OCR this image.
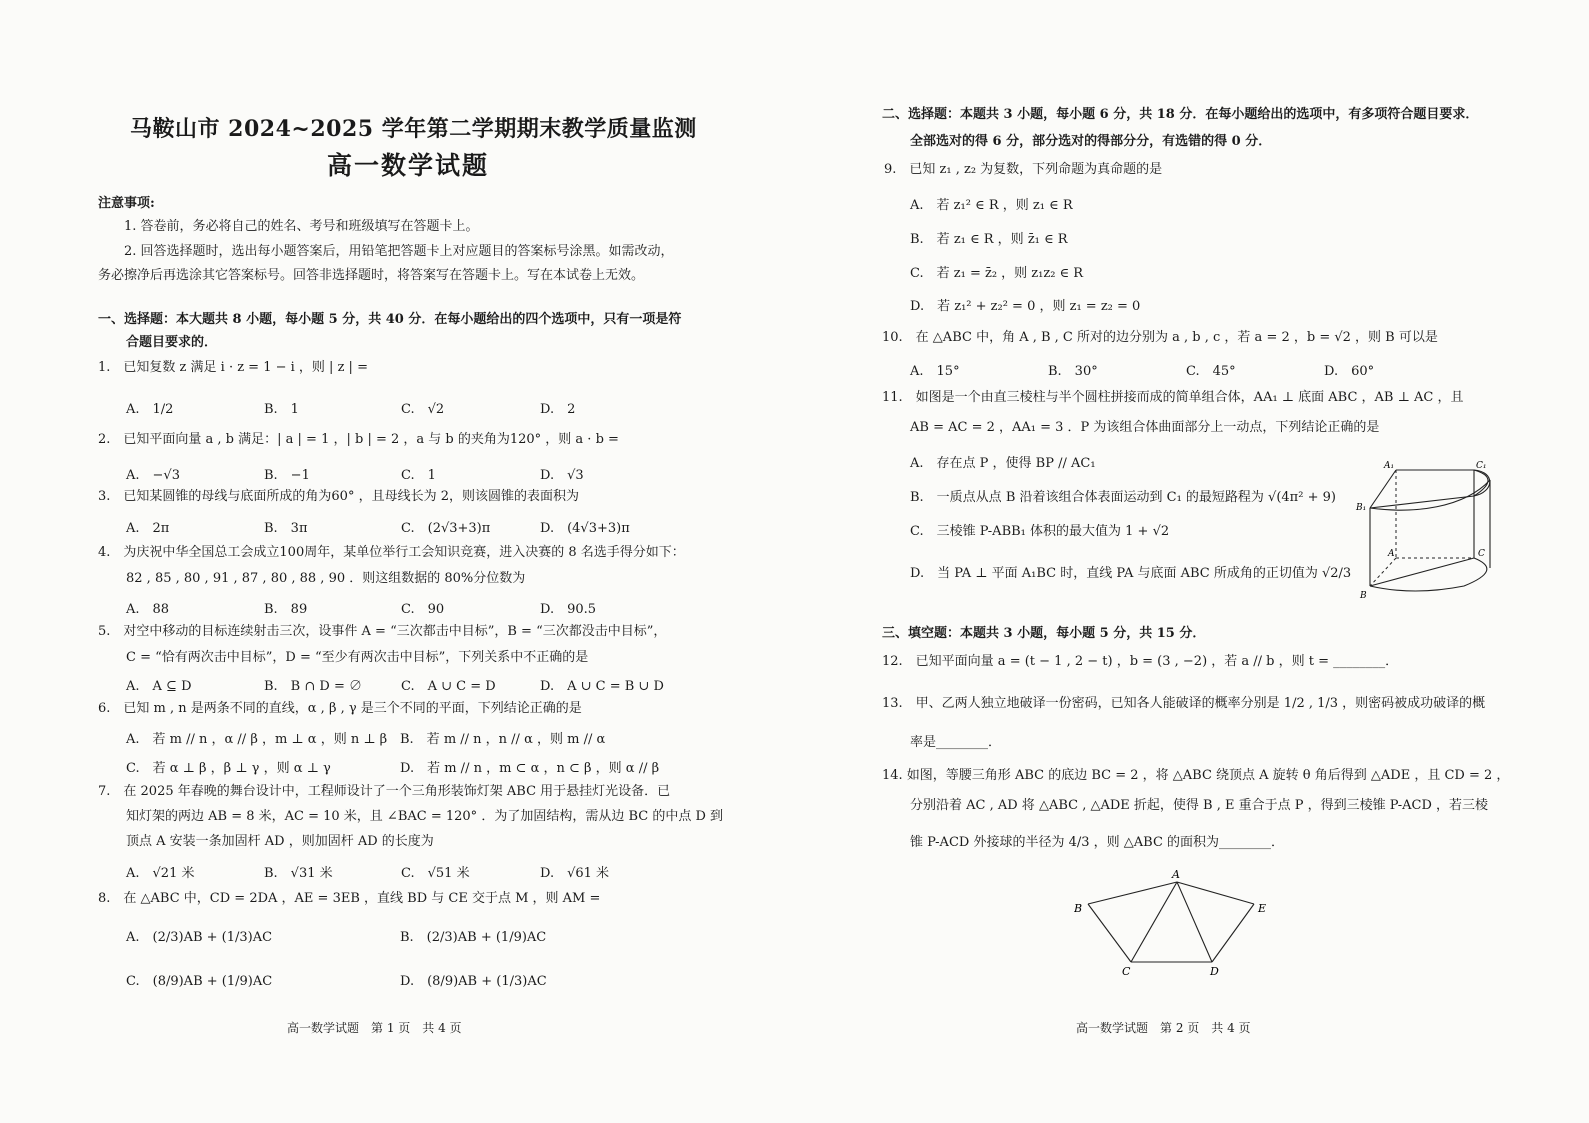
马鞍山市 2024~2025 学年第二学期期末教学质量监测
高一数学试题
注意事项:
1. 答卷前，务必将自己的姓名、考号和班级填写在答题卡上。
2. 回答选择题时，选出每小题答案后，用铅笔把答题卡上对应题目的答案标号涂黑。如需改动，
务必擦净后再选涂其它答案标号。回答非选择题时，将答案写在答题卡上。写在本试卷上无效。
一、选择题：本大题共 8 小题，每小题 5 分，共 40 分．在每小题给出的四个选项中，只有一项是符
合题目要求的．
1.　已知复数 z 满足 i · z = 1 − i ，则 | z | =
A.　1/2	B.　1	C.　√2	D.　2
2.　已知平面向量 a , b 满足：| a | = 1 ，| b | = 2 ，a 与 b 的夹角为120° ，则 a · b =
A.　−√3	B.　−1	C.　1	D.　√3
3.　已知某圆锥的母线与底面所成的角为60° ，且母线长为 2，则该圆锥的表面积为
A.　2π	B.　3π	C.　(2√3+3)π	D.　(4√3+3)π
4.　为庆祝中华全国总工会成立100周年，某单位举行工会知识竞赛，进入决赛的 8 名选手得分如下：
82 , 85 , 80 , 91 , 87 , 80 , 88 , 90 ．则这组数据的 80%分位数为
A.　88	B.　89	C.　90	D.　90.5
5.　对空中移动的目标连续射击三次，设事件 A = “三次都击中目标”，B = “三次都没击中目标”，
C = “恰有两次击中目标”，D = “至少有两次击中目标”，下列关系中不正确的是
A.　A ⊆ D	B.　B ∩ D = ∅	C.　A ∪ C = D	D.　A ∪ C = B ∪ D
6.　已知 m , n 是两条不同的直线，α , β , γ 是三个不同的平面，下列结论正确的是
A.　若 m // n ，α // β ，m ⊥ α ，则 n ⊥ β B.　若 m // n ，n // α ，则 m // α
C.　若 α ⊥ β ，β ⊥ γ ，则 α ⊥ γ	D.　若 m // n ，m ⊂ α ，n ⊂ β ，则 α // β
7.　在 2025 年春晚的舞台设计中，工程师设计了一个三角形装饰灯架 ABC 用于悬挂灯光设备．已
知灯架的两边 AB = 8 米，AC = 10 米，且 ∠BAC = 120° ．为了加固结构，需从边 BC 的中点 D 到
顶点 A 安装一条加固杆 AD ，则加固杆 AD 的长度为
A.　√21 米	B.　√31 米	C.　√51 米	D.　√61 米
8.　在 △ABC 中，CD = 2DA ，AE = 3EB ，直线 BD 与 CE 交于点 M ，则 AM =
A.　(2/3)AB + (1/3)AC	B.　(2/3)AB + (1/9)AC
C.　(8/9)AB + (1/9)AC	D.　(8/9)AB + (1/3)AC
高一数学试题　第 1 页　共 4 页
二、选择题：本题共 3 小题，每小题 6 分，共 18 分．在每小题给出的选项中，有多项符合题目要求．
全部选对的得 6 分，部分选对的得部分分，有选错的得 0 分．
9.　已知 z₁ , z₂ 为复数，下列命题为真命题的是
A.　若 z₁² ∈ R ，则 z₁ ∈ R
B.　若 z₁ ∈ R ，则 z̄₁ ∈ R
C.　若 z₁ = z̄₂ ，则 z₁z₂ ∈ R
D.　若 z₁² + z₂² = 0 ，则 z₁ = z₂ = 0
10.　在 △ABC 中，角 A , B , C 所对的边分别为 a , b , c ，若 a = 2 ，b = √2 ，则 B 可以是
A.　15°	B.　30°	C.　45°	D.　60°
11.　如图是一个由直三棱柱与半个圆柱拼接而成的简单组合体，AA₁ ⊥ 底面 ABC ，AB ⊥ AC ，且
AB = AC = 2 ，AA₁ = 3 ．P 为该组合体曲面部分上一动点，下列结论正确的是
A.　存在点 P ，使得 BP // AC₁
B.　一质点从点 B 沿着该组合体表面运动到 C₁ 的最短路程为 √(4π² + 9)
C.　三棱锥 P-ABB₁ 体积的最大值为 1 + √2
D.　当 PA ⊥ 平面 A₁BC 时，直线 PA 与底面 ABC 所成角的正切值为 √2/3
A₁	C₁
B₁
A	C
B
三、填空题：本题共 3 小题，每小题 5 分，共 15 分．
12.　已知平面向量 a = (t − 1 , 2 − t) ，b = (3 , −2) ，若 a // b ，则 t = ________．
13.　甲、乙两人独立地破译一份密码，已知各人能破译的概率分别是 1/2 , 1/3 ，则密码被成功破译的概
率是________．
14. 如图，等腰三角形 ABC 的底边 BC = 2 ，将 △ABC 绕顶点 A 旋转 θ 角后得到 △ADE ，且 CD = 2 ，
分别沿着 AC , AD 将 △ABC , △ADE 折起，使得 B , E 重合于点 P ，得到三棱锥 P-ACD ，若三棱
锥 P-ACD 外接球的半径为 4/3 ，则 △ABC 的面积为________．
A
B
C	D
E
高一数学试题　第 2 页　共 4 页
